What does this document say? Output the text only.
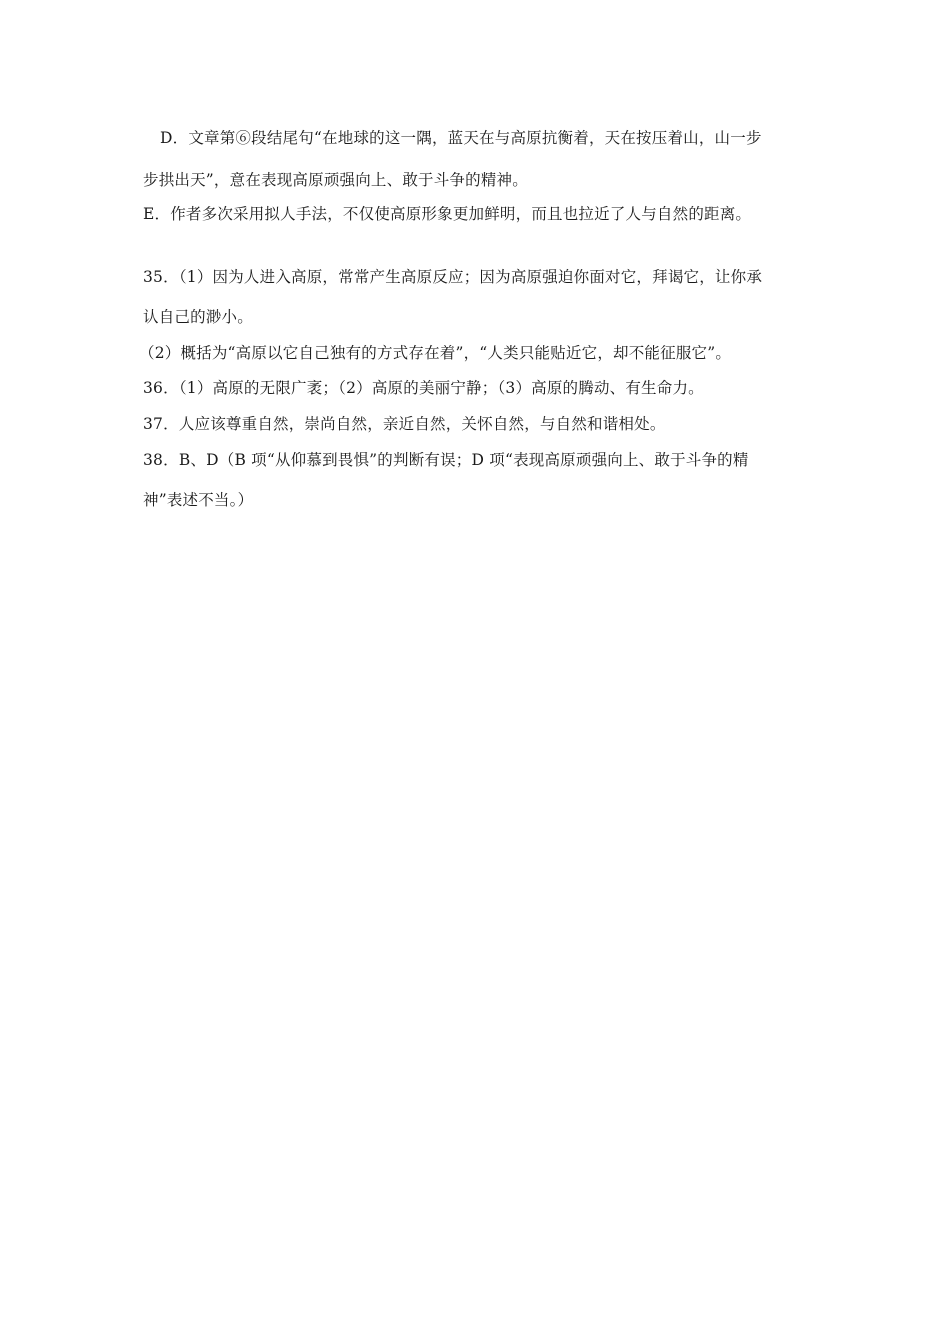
D．文章第⑥段结尾句“在地球的这一隅，蓝天在与高原抗衡着，天在按压着山，山一步
步拱出天”，意在表现高原顽强向上、敢于斗争的精神。
E．作者多次采用拟人手法，不仅使高原形象更加鲜明，而且也拉近了人与自然的距离。
35．（1）因为人进入高原，常常产生高原反应；因为高原强迫你面对它，拜谒它，让你承
认自己的渺小。
（2）概括为“高原以它自己独有的方式存在着”，“人类只能贴近它，却不能征服它”。
36．（1）高原的无限广袤；（2）高原的美丽宁静；（3）高原的腾动、有生命力。
37．人应该尊重自然，崇尚自然，亲近自然，关怀自然，与自然和谐相处。
38．B、D（B 项“从仰慕到畏惧”的判断有误；D 项“表现高原顽强向上、敢于斗争的精
神”表述不当。）
